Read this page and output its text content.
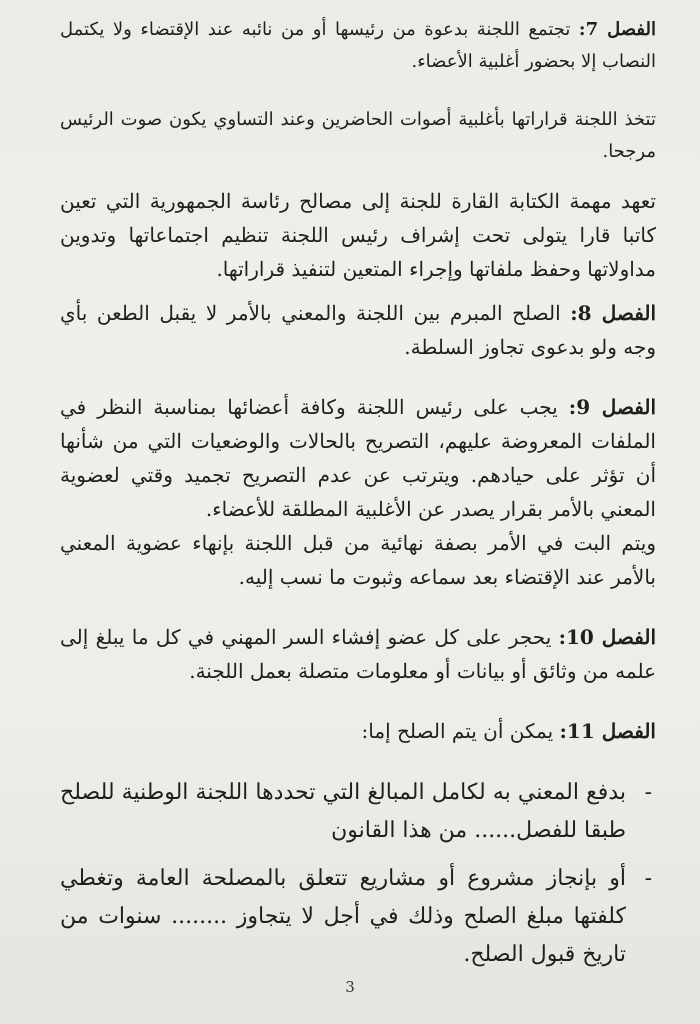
الفصل 7: تجتمع اللجنة بدعوة من رئيسها أو من نائبه عند الإقتضاء ولا يكتمل النصاب إلا بحضور أغلبية الأعضاء.

تتخذ اللجنة قراراتها بأغلبية أصوات الحاضرين وعند التساوي يكون صوت الرئيس مرجحا.

تعهد مهمة الكتابة القارة للجنة إلى مصالح رئاسة الجمهورية التي تعين كاتبا قارا يتولى تحت إشراف رئيس اللجنة تنظيم اجتماعاتها وتدوين مداولاتها وحفظ ملفاتها وإجراء المتعين لتنفيذ قراراتها.

الفصل 8: الصلح المبرم بين اللجنة والمعني بالأمر لا يقبل الطعن بأي وجه ولو بدعوى تجاوز السلطة.

الفصل 9: يجب على رئيس اللجنة وكافة أعضائها بمناسبة النظر في الملفات المعروضة عليهم، التصريح بالحالات والوضعيات التي من شأنها أن تؤثر على حيادهم. ويترتب عن عدم التصريح تجميد وقتي لعضوية المعني بالأمر بقرار يصدر عن الأغلبية المطلقة للأعضاء.

ويتم البت في الأمر بصفة نهائية من قبل اللجنة بإنهاء عضوية المعني بالأمر عند الإقتضاء بعد سماعه وثبوت ما نسب إليه.

الفصل 10: يحجر على كل عضو إفشاء السر المهني في كل ما يبلغ إلى علمه من وثائق أو بيانات أو معلومات متصلة بعمل اللجنة.

الفصل 11: يمكن أن يتم الصلح إما:

-
بدفع المعني به لكامل المبالغ التي تحددها اللجنة الوطنية للصلح طبقا للفصل...... من هذا القانون
-
أو بإنجاز مشروع أو مشاريع تتعلق بالمصلحة العامة وتغطي كلفتها مبلغ الصلح وذلك في أجل لا يتجاوز ........ سنوات من تاريخ قبول الصلح.
3
